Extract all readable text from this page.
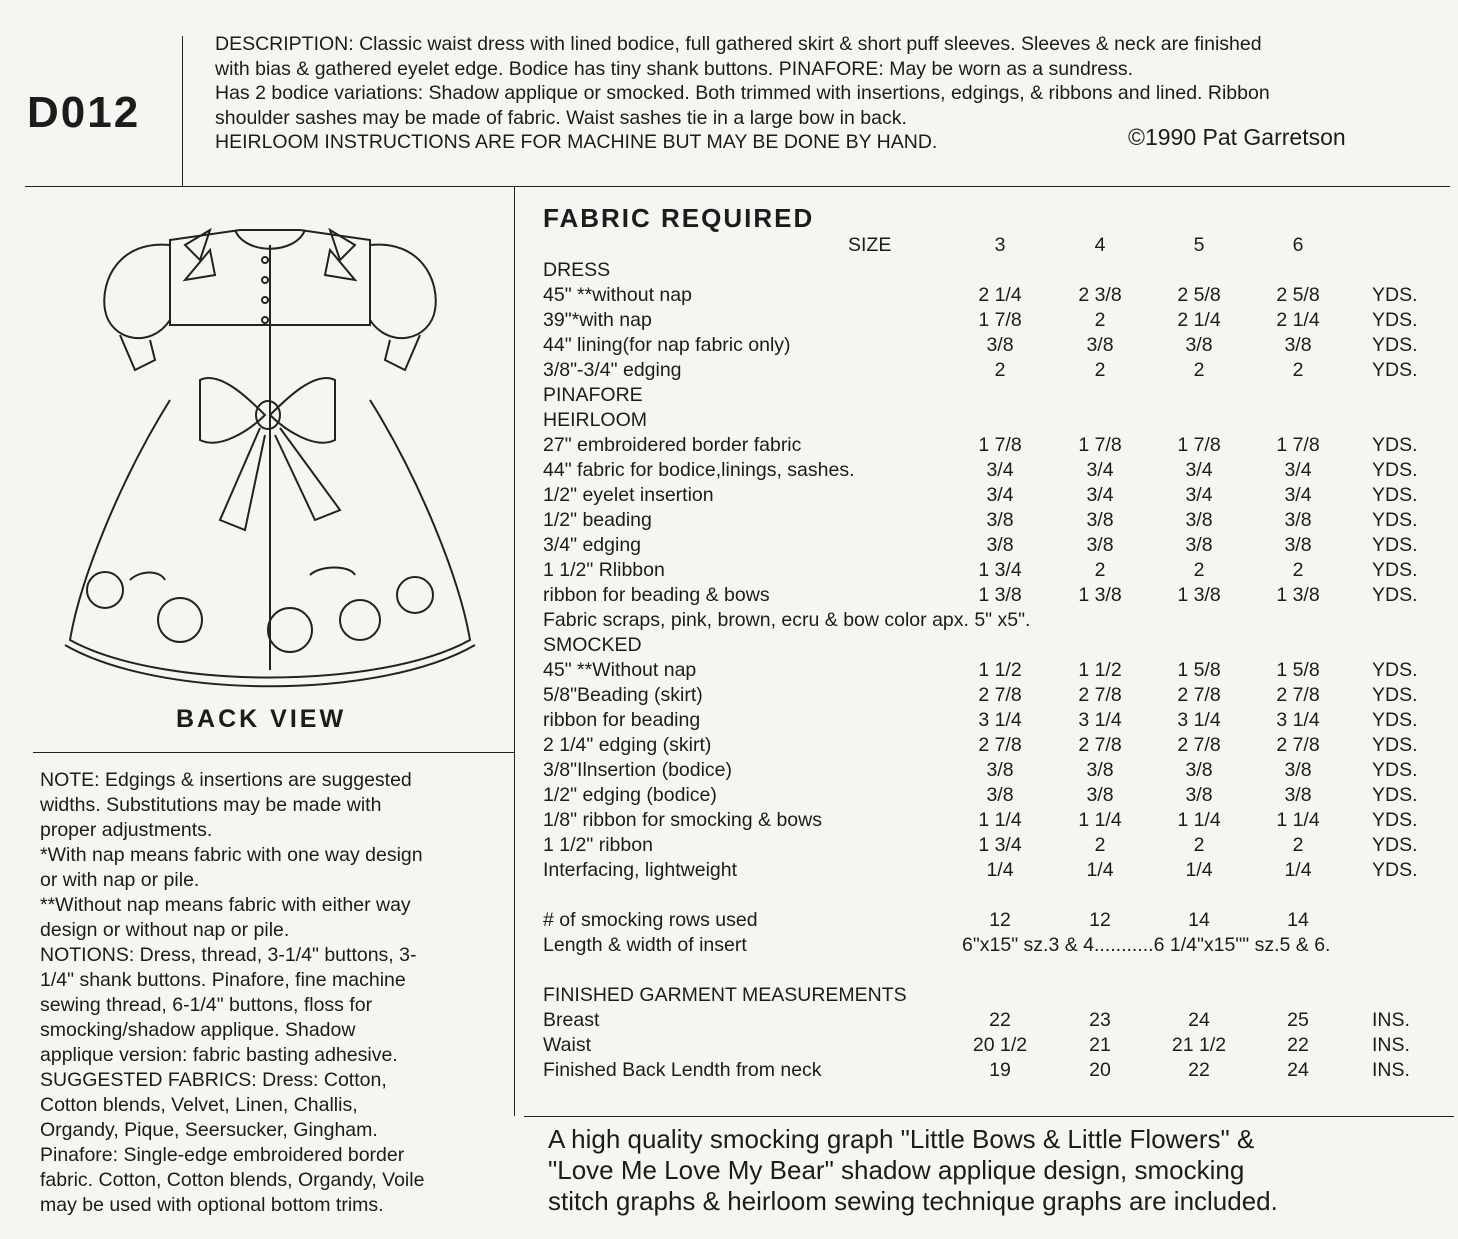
D012
DESCRIPTION: Classic waist dress with lined bodice, full gathered skirt & short puff sleeves. Sleeves & neck are finished
with bias & gathered eyelet edge. Bodice has tiny shank buttons. PINAFORE: May be worn as a sundress.
Has 2 bodice variations: Shadow applique or smocked. Both trimmed with insertions, edgings, & ribbons and lined. Ribbon
shoulder sashes may be made of fabric. Waist sashes tie in a large bow in back.
HEIRLOOM INSTRUCTIONS ARE FOR MACHINE BUT MAY BE DONE BY HAND.	©1990 Pat Garretson
BACK VIEW
NOTE: Edgings & insertions are suggested
widths. Substitutions may be made with
proper adjustments.
*With nap means fabric with one way design
or with nap or pile.
**Without nap means fabric with either way
design or without nap or pile.
NOTIONS: Dress, thread, 3-1/4" buttons, 3-
1/4" shank buttons. Pinafore, fine machine
sewing thread, 6-1/4" buttons, floss for
smocking/shadow applique. Shadow
applique version: fabric basting adhesive.
SUGGESTED FABRICS: Dress: Cotton,
Cotton blends, Velvet, Linen, Challis,
Organdy, Pique, Seersucker, Gingham.
Pinafore: Single-edge embroidered border
fabric. Cotton, Cotton blends, Organdy, Voile
may be used with optional bottom trims.
FABRIC REQUIRED
SIZE	3	4	5	6
DRESS
45" **without nap	2 1/4	2 3/8	2 5/8	2 5/8	YDS.
39"*with nap	1 7/8	2	2 1/4	2 1/4	YDS.
44" lining(for nap fabric only)	3/8	3/8	3/8	3/8	YDS.
3/8"-3/4" edging	2	2	2	2	YDS.
PINAFORE
HEIRLOOM
27" embroidered border fabric	1 7/8	1 7/8	1 7/8	1 7/8	YDS.
44" fabric for bodice,linings, sashes.	3/4	3/4	3/4	3/4	YDS.
1/2" eyelet insertion	3/4	3/4	3/4	3/4	YDS.
1/2" beading	3/8	3/8	3/8	3/8	YDS.
3/4" edging	3/8	3/8	3/8	3/8	YDS.
1 1/2" Rlibbon	1 3/4	2	2	2	YDS.
ribbon for beading & bows	1 3/8	1 3/8	1 3/8	1 3/8	YDS.
Fabric scraps, pink, brown, ecru & bow color apx. 5" x5".
SMOCKED
45" **Without nap	1 1/2	1 1/2	1 5/8	1 5/8	YDS.
5/8"Beading (skirt)	2 7/8	2 7/8	2 7/8	2 7/8	YDS.
ribbon for beading	3 1/4	3 1/4	3 1/4	3 1/4	YDS.
2 1/4" edging (skirt)	2 7/8	2 7/8	2 7/8	2 7/8	YDS.
3/8"Ilnsertion (bodice)	3/8	3/8	3/8	3/8	YDS.
1/2" edging (bodice)	3/8	3/8	3/8	3/8	YDS.
1/8" ribbon for smocking & bows	1 1/4	1 1/4	1 1/4	1 1/4	YDS.
1 1/2" ribbon	1 3/4	2	2	2	YDS.
Interfacing, lightweight	1/4	1/4	1/4	1/4	YDS.
# of smocking rows used	12	12	14	14
Length & width of insert	6"x15" sz.3 & 4...........6 1/4"x15"" sz.5 & 6.
FINISHED GARMENT MEASUREMENTS
Breast	22	23	24	25	INS.
Waist	20 1/2	21	21 1/2	22	INS.
Finished Back Lendth from neck	19	20	22	24	INS.
A high quality smocking graph "Little Bows & Little Flowers" &
"Love Me Love My Bear" shadow applique design, smocking
stitch graphs & heirloom sewing technique graphs are included.
